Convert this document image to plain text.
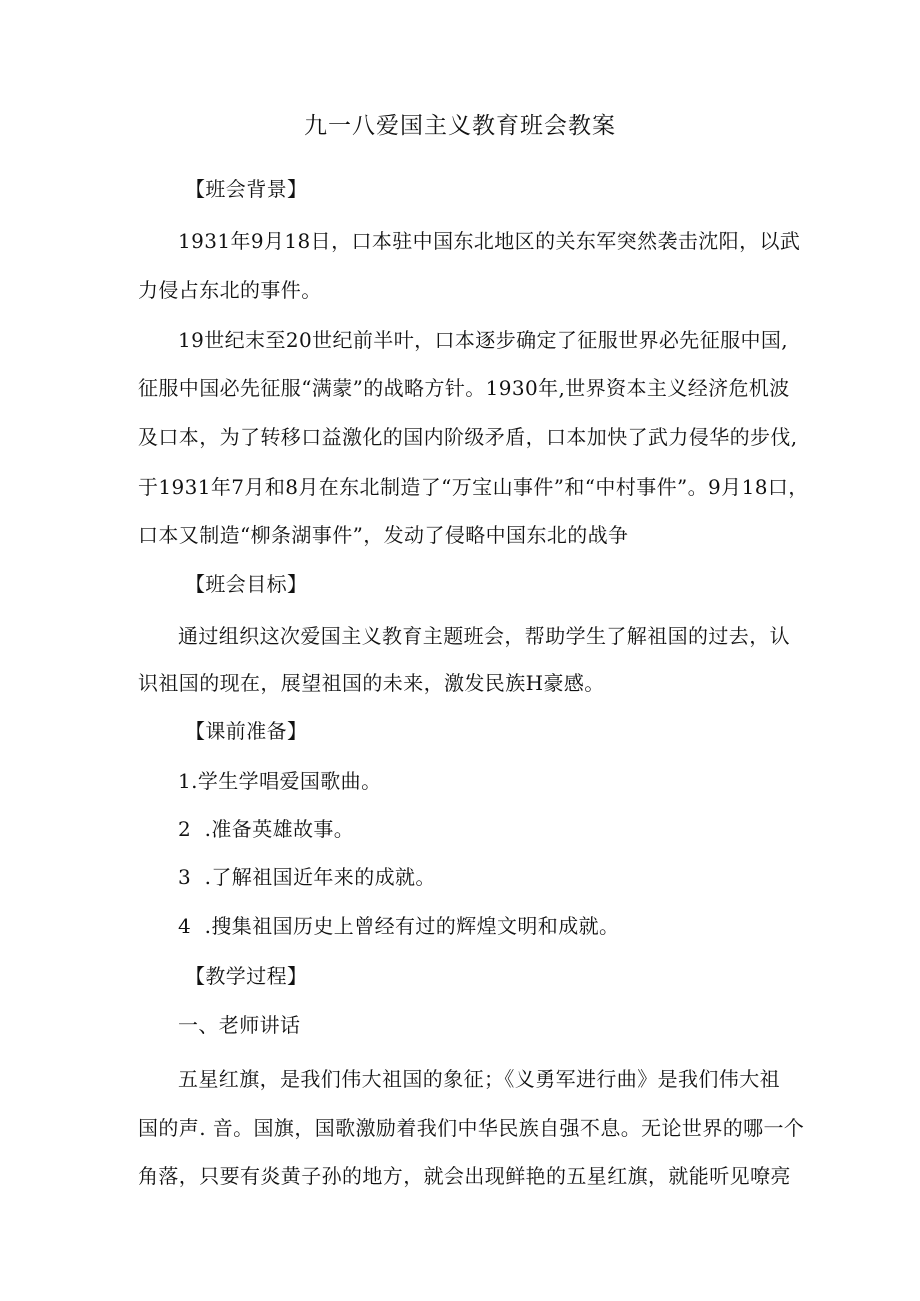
九一八爱国主义教育班会教案
【班会背景】
1931年9月18日，口本驻中国东北地区的关东军突然袭击沈阳，以武
力侵占东北的事件。
19世纪末至20世纪前半叶，口本逐步确定了征服世界必先征服中国,
征服中国必先征服“满蒙”的战略方针。1930年,世界资本主义经济危机波
及口本，为了转移口益激化的国内阶级矛盾，口本加快了武力侵华的步伐,
于1931年7月和8月在东北制造了“万宝山事件”和“中村事件”。9月18口，
口本又制造“柳条湖事件”，发动了侵略中国东北的战争
【班会目标】
通过组织这次爱国主义教育主题班会，帮助学生了解祖国的过去，认
识祖国的现在，展望祖国的未来，激发民族H豪感。
【课前准备】
1.学生学唱爱国歌曲。
2  .准备英雄故事。
3  .了解祖国近年来的成就。
4  .搜集祖国历史上曾经有过的辉煌文明和成就。
【教学过程】
一、老师讲话
五星红旗，是我们伟大祖国的象征；《义勇军进行曲》是我们伟大祖
国的声. 音。国旗，国歌激励着我们中华民族自强不息。无论世界的哪一个
角落，只要有炎黄子孙的地方，就会出现鲜艳的五星红旗，就能听见嘹亮
